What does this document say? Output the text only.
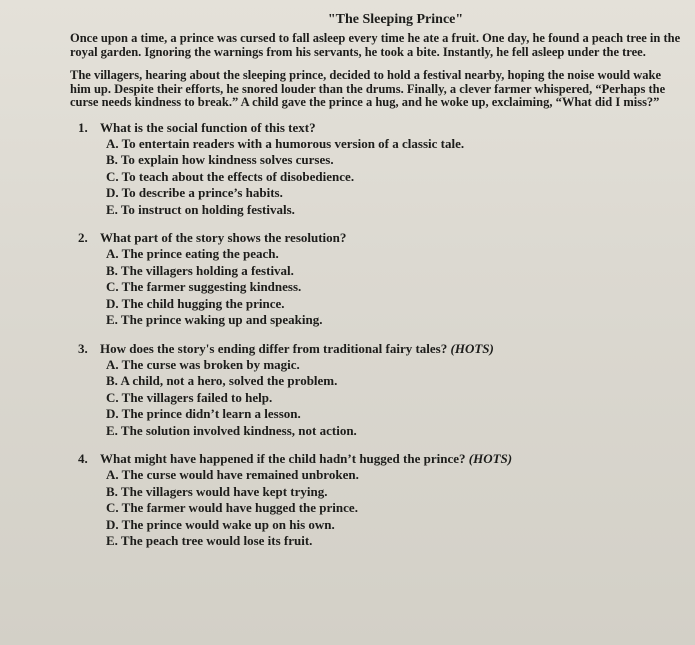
"The Sleeping Prince"

Once upon a time, a prince was cursed to fall asleep every time he ate a fruit. One day, he found a peach tree in the royal garden. Ignoring the warnings from his servants, he took a bite. Instantly, he fell asleep under the tree.

The villagers, hearing about the sleeping prince, decided to hold a festival nearby, hoping the noise would wake him up. Despite their efforts, he snored louder than the drums. Finally, a clever farmer whispered, “Perhaps the curse needs kindness to break.” A child gave the prince a hug, and he woke up, exclaiming, “What did I miss?”

1. What is the social function of this text?
A. To entertain readers with a humorous version of a classic tale.
B. To explain how kindness solves curses.
C. To teach about the effects of disobedience.
D. To describe a prince’s habits.
E. To instruct on holding festivals.
2. What part of the story shows the resolution?
A. The prince eating the peach.
B. The villagers holding a festival.
C. The farmer suggesting kindness.
D. The child hugging the prince.
E. The prince waking up and speaking.
3. How does the story's ending differ from traditional fairy tales? (HOTS)
A. The curse was broken by magic.
B. A child, not a hero, solved the problem.
C. The villagers failed to help.
D. The prince didn’t learn a lesson.
E. The solution involved kindness, not action.
4. What might have happened if the child hadn’t hugged the prince? (HOTS)
A. The curse would have remained unbroken.
B. The villagers would have kept trying.
C. The farmer would have hugged the prince.
D. The prince would wake up on his own.
E. The peach tree would lose its fruit.
